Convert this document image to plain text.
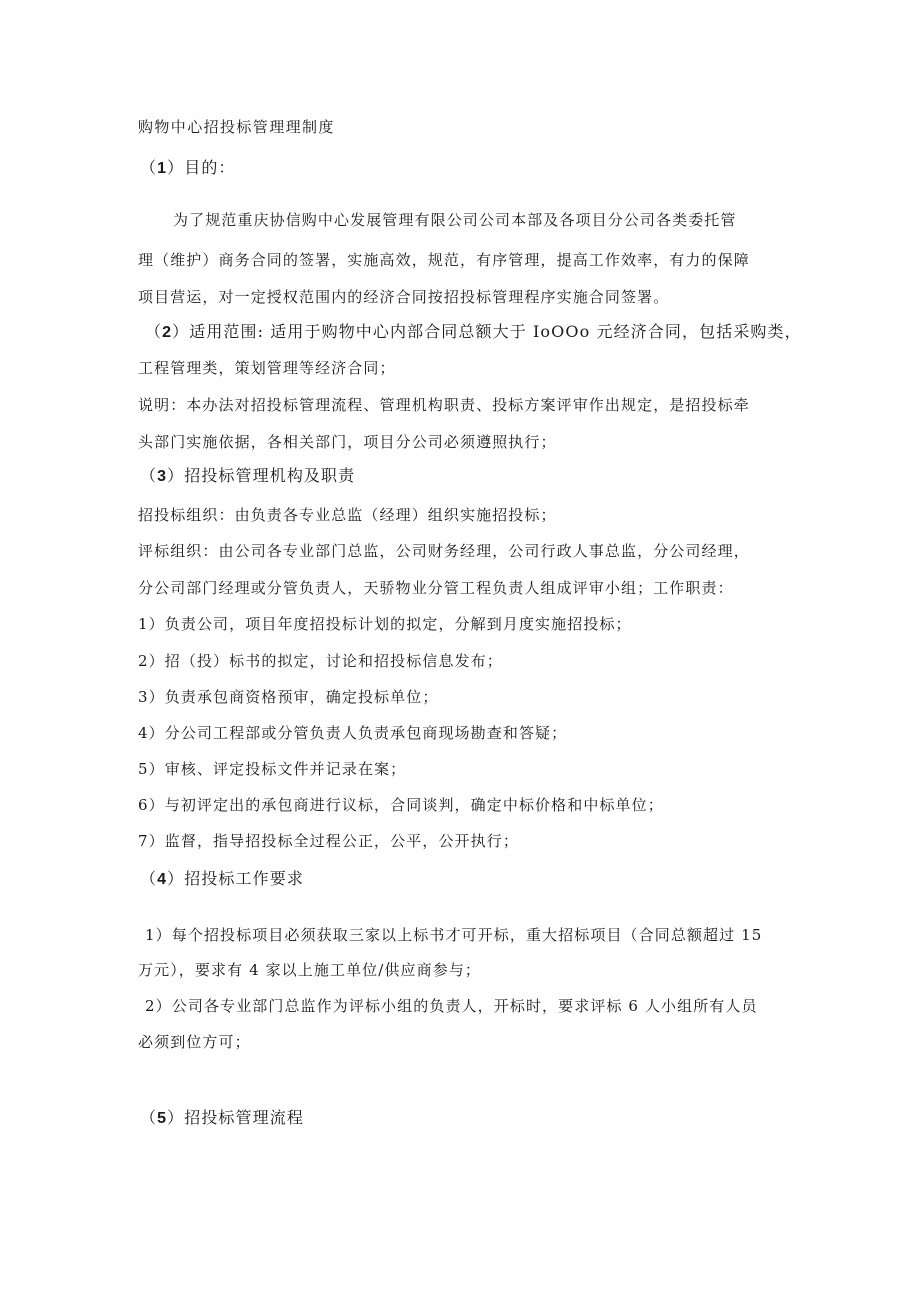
购物中心招投标管理理制度
（1）目的：
为了规范重庆协信购中心发展管理有限公司公司本部及各项目分公司各类委托管
理（维护）商务合同的签署，实施高效，规范，有序管理，提高工作效率，有力的保障
项目营运，对一定授权范围内的经济合同按招投标管理程序实施合同签署。
（2）适用范围: 适用于购物中心内部合同总额大于 IoOOo 元经济合同，包括采购类，
工程管理类，策划管理等经济合同；
说明：本办法对招投标管理流程、管理机构职责、投标方案评审作出规定，是招投标牵
头部门实施依据，各相关部门，项目分公司必须遵照执行；
（3）招投标管理机构及职责
招投标组织：由负责各专业总监（经理）组织实施招投标；
评标组织：由公司各专业部门总监，公司财务经理，公司行政人事总监，分公司经理，
分公司部门经理或分管负责人，天骄物业分管工程负责人组成评审小组；工作职责：
1）负责公司，项目年度招投标计划的拟定，分解到月度实施招投标；
2）招（投）标书的拟定，讨论和招投标信息发布；
3）负责承包商资格预审，确定投标单位；
4）分公司工程部或分管负责人负责承包商现场勘查和答疑；
5）审核、评定投标文件并记录在案；
6）与初评定出的承包商进行议标，合同谈判，确定中标价格和中标单位；
7）监督，指导招投标全过程公正，公平，公开执行；
（4）招投标工作要求
1）每个招投标项目必须获取三家以上标书才可开标，重大招标项目（合同总额超过 15
万元），要求有 4 家以上施工单位/供应商参与；
2）公司各专业部门总监作为评标小组的负责人，开标时，要求评标 6 人小组所有人员
必须到位方可；
（5）招投标管理流程
